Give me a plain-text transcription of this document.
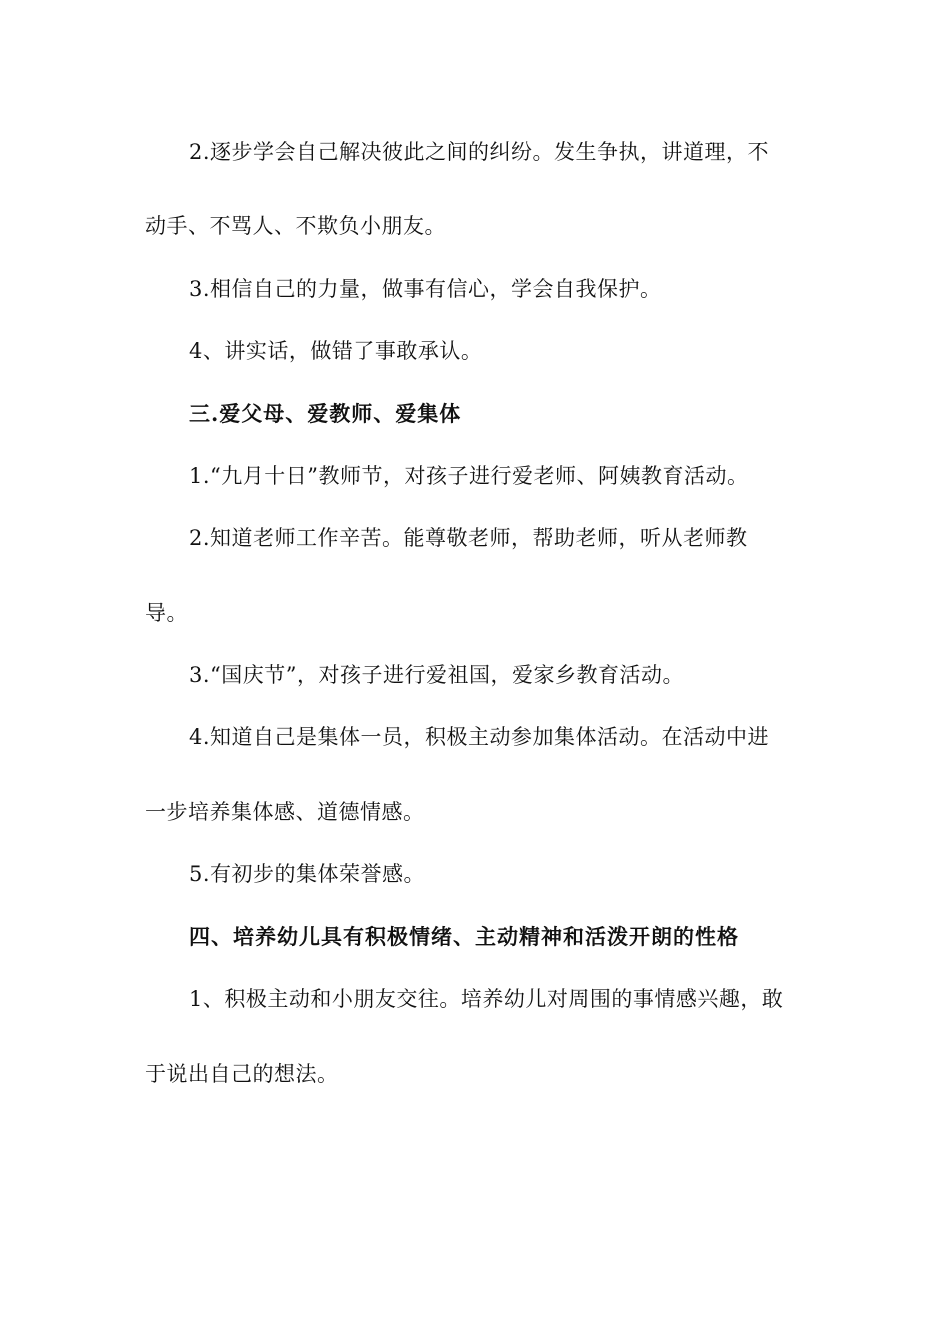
2.逐步学会自己解决彼此之间的纠纷。发生争执，讲道理，不
动手、不骂人、不欺负小朋友。
3.相信自己的力量，做事有信心，学会自我保护。
4、讲实话，做错了事敢承认。
三.爱父母、爱教师、爱集体
1.“九月十日”教师节，对孩子进行爱老师、阿姨教育活动。
2.知道老师工作辛苦。能尊敬老师，帮助老师，听从老师教
导。
3.“国庆节”，对孩子进行爱祖国，爱家乡教育活动。
4.知道自己是集体一员，积极主动参加集体活动。在活动中进
一步培养集体感、道德情感。
5.有初步的集体荣誉感。
四、培养幼儿具有积极情绪、主动精神和活泼开朗的性格
1、积极主动和小朋友交往。培养幼儿对周围的事情感兴趣，敢
于说出自己的想法。
